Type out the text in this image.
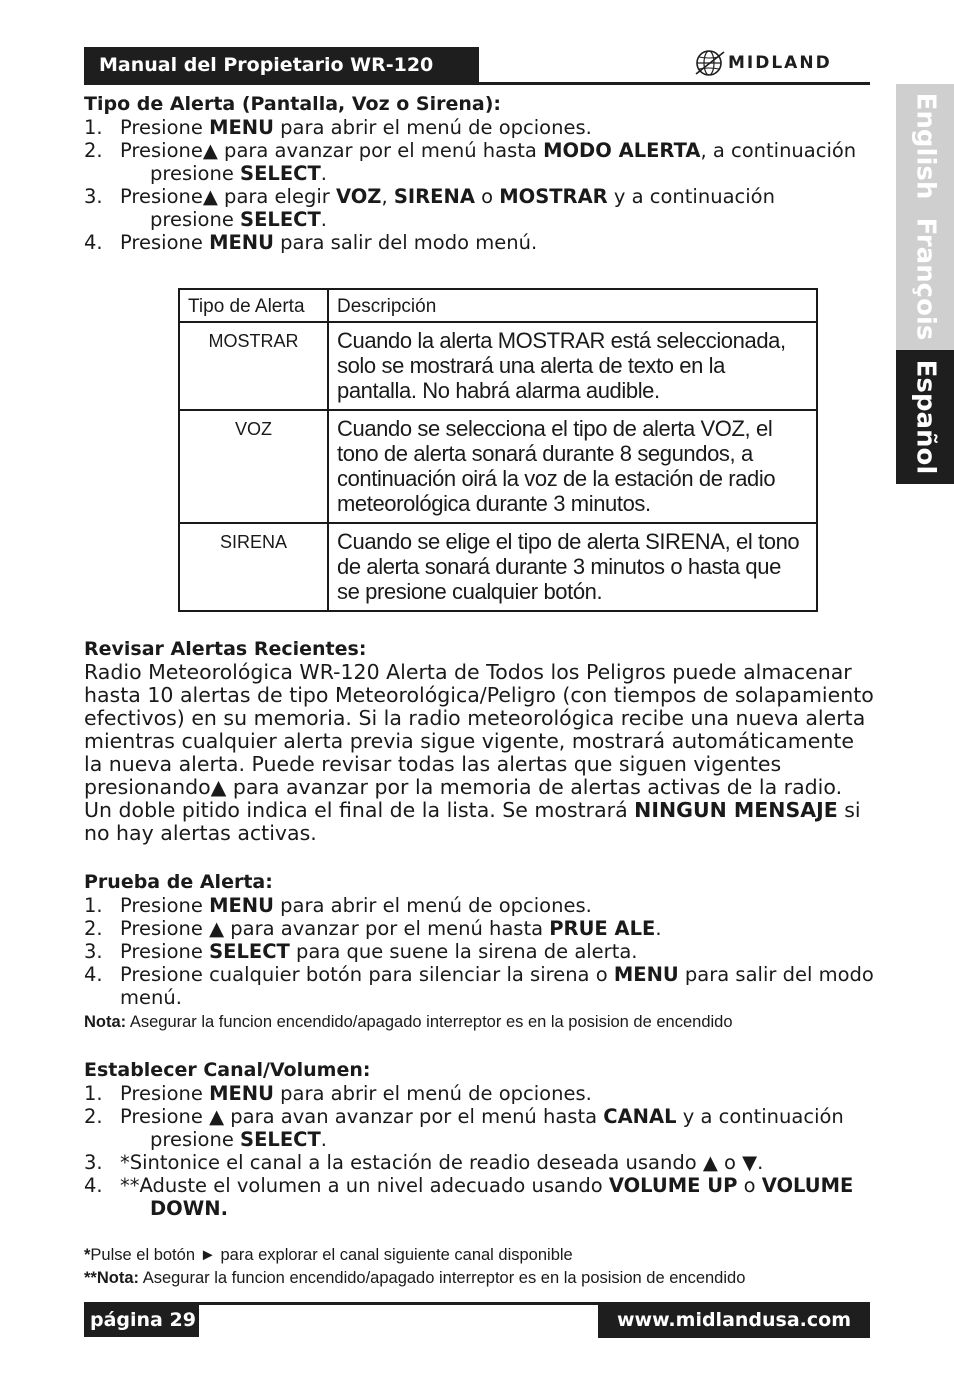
Manual del Propietario WR-120	MIDLAND
English
François
Español
Tipo de Alerta (Pantalla, Voz o Sirena):
1. Presione MENU para abrir el menú de opciones.
2. Presione▲ para avanzar por el menú hasta MODO ALERTA, a continuación
presione SELECT.
3. Presione▲ para elegir VOZ, SIRENA o MOSTRAR y a continuación
presione SELECT.
4. Presione MENU para salir del modo menú.
Tipo de Alerta	Descripción
MOSTRAR	Cuando la alerta MOSTRAR está seleccionada, solo se mostrará una alerta de texto en la pantalla. No habrá alarma audible.
VOZ	Cuando se selecciona el tipo de alerta VOZ, el tono de alerta sonará durante 8 segundos, a continuación oirá la voz de la estación de radio meteorológica durante 3 minutos.
SIRENA	Cuando se elige el tipo de alerta SIRENA, el tono de alerta sonará durante 3 minutos o hasta que se presione cualquier botón.
Revisar Alertas Recientes:

Radio Meteorológica WR-120 Alerta de Todos los Peligros puede almacenar hasta 10 alertas de tipo Meteorológica/Peligro (con tiempos de solapamiento efectivos) en su memoria. Si la radio meteorológica recibe una nueva alerta mientras cualquier alerta previa sigue vigente, mostrará automáticamente la nueva alerta. Puede revisar todas las alertas que siguen vigentes presionando▲ para avanzar por la memoria de alertas activas de la radio. Un doble pitido indica el final de la lista. Se mostrará NINGUN MENSAJE si no hay alertas activas.

Prueba de Alerta:
1. Presione MENU para abrir el menú de opciones.
2. Presione ▲ para avanzar por el menú hasta PRUE ALE.
3. Presione SELECT para que suene la sirena de alerta.
4. Presione cualquier botón para silenciar la sirena o MENU para salir del modo menú.
Nota: Asegurar la funcion encendido/apagado interreptor es en la posision de encendido
Establecer Canal/Volumen:
1. Presione MENU para abrir el menú de opciones.
2. Presione ▲ para avan avanzar por el menú hasta CANAL y a continuación
presione SELECT.
3. *Sintonice el canal a la estación de readio deseada usando ▲ o ▼.
4. **Aduste el volumen a un nivel adecuado usando VOLUME UP o VOLUME
DOWN.
*Pulse el botón ► para explorar el canal siguiente canal disponible
**Nota: Asegurar la funcion encendido/apagado interreptor es en la posision de encendido
página 29	www.midlandusa.com
